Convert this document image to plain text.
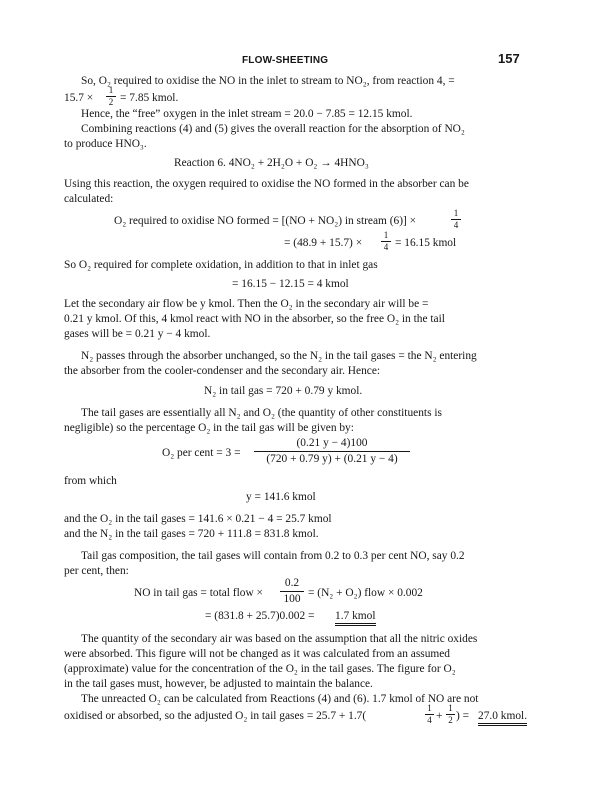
FLOW-SHEETING	157
So, O₂ required to oxidise the NO in the inlet to stream to NO₂, from reaction 4, =
15.7 ×
1
2 = 7.85 kmol.
Hence, the “free” oxygen in the inlet stream = 20.0 − 7.85 = 12.15 kmol.
Combining reactions (4) and (5) gives the overall reaction for the absorption of NO₂
to produce HNO₃.
Reaction 6. 4NO₂ + 2H₂O + O₂ → 4HNO₃
Using this reaction, the oxygen required to oxidise the NO formed in the absorber can be
calculated:
O₂ required to oxidise NO formed = [(NO + NO₂) in stream (6)] ×
1
4
= (48.9 + 15.7) ×
1
4 = 16.15 kmol
So O₂ required for complete oxidation, in addition to that in inlet gas
= 16.15 − 12.15 = 4 kmol
Let the secondary air flow be y kmol. Then the O₂ in the secondary air will be =
0.21 y kmol. Of this, 4 kmol react with NO in the absorber, so the free O₂ in the tail
gases will be = 0.21 y − 4 kmol.
N₂ passes through the absorber unchanged, so the N₂ in the tail gases = the N₂ entering
the absorber from the cooler-condenser and the secondary air. Hence:
N₂ in tail gas = 720 + 0.79 y kmol.
The tail gases are essentially all N₂ and O₂ (the quantity of other constituents is
negligible) so the percentage O₂ in the tail gas will be given by:
O₂ per cent = 3 =
(0.21 y − 4)100
(720 + 0.79 y) + (0.21 y − 4)
from which
y = 141.6 kmol
and the O₂ in the tail gases = 141.6 × 0.21 − 4 = 25.7 kmol
and the N₂ in the tail gases = 720 + 111.8 = 831.8 kmol.
Tail gas composition, the tail gases will contain from 0.2 to 0.3 per cent NO, say 0.2
per cent, then:
NO in tail gas = total flow ×
0.2
100 = (N₂ + O₂) flow × 0.002
= (831.8 + 25.7)0.002 = 1.7 kmol
The quantity of the secondary air was based on the assumption that all the nitric oxides
were absorbed. This figure will not be changed as it was calculated from an assumed
(approximate) value for the concentration of the O₂ in the tail gases. The figure for O₂
in the tail gases must, however, be adjusted to maintain the balance.
The unreacted O₂ can be calculated from Reactions (4) and (6). 1.7 kmol of NO are not
oxidised or absorbed, so the adjusted O₂ in tail gases = 25.7 + 1.7(
1
4 +
1
2 ) = 27.0 kmol.
